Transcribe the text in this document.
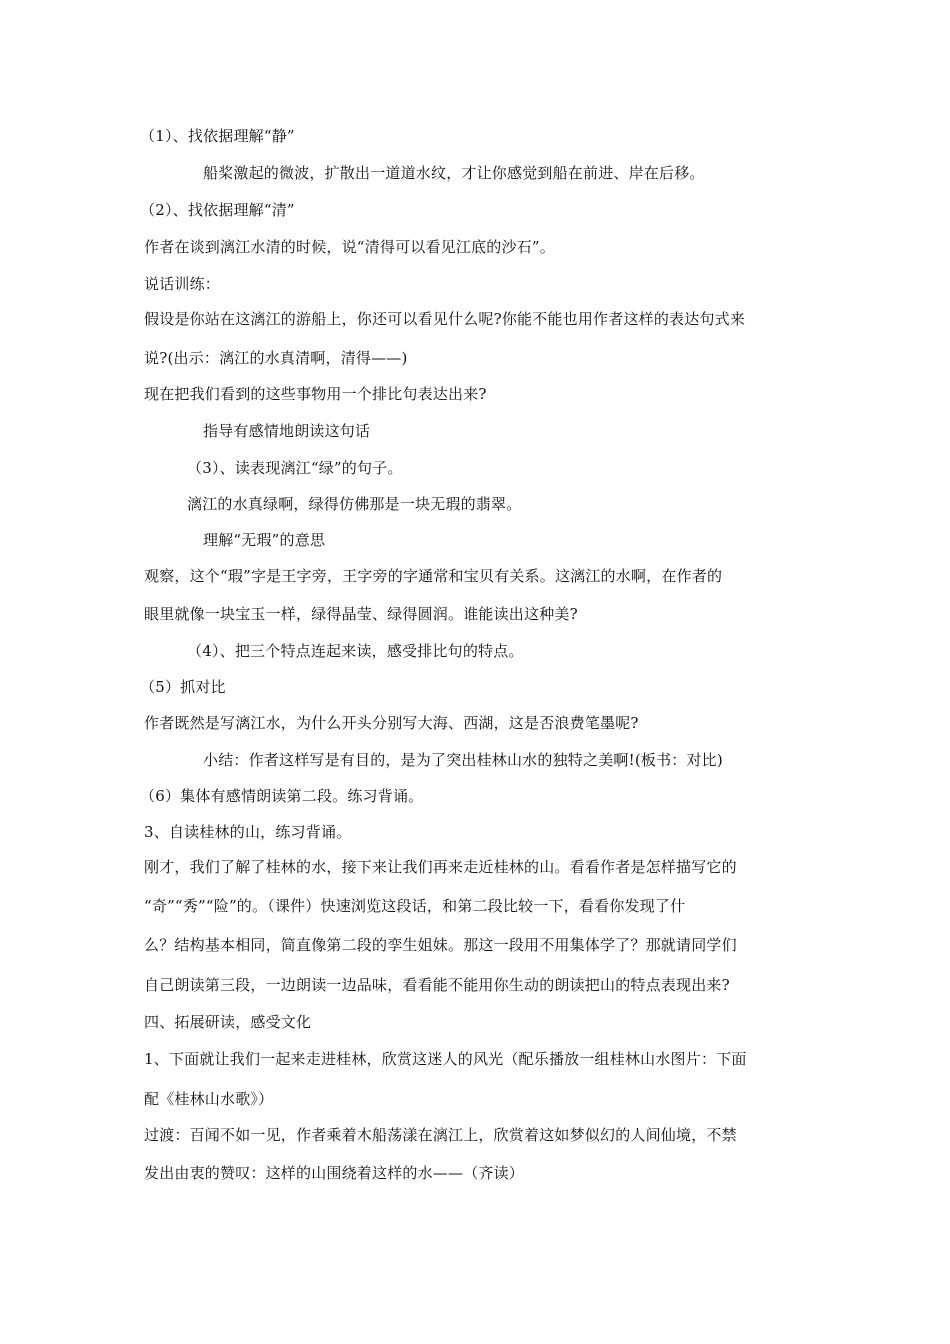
（1）、找依据理解“静”
船桨激起的微波，扩散出一道道水纹，才让你感觉到船在前进、岸在后移。
（2）、找依据理解“清”
作者在谈到漓江水清的时候，说“清得可以看见江底的沙石”。
说话训练：
假设是你站在这漓江的游船上，你还可以看见什么呢?你能不能也用作者这样的表达句式来
说?(出示：漓江的水真清啊，清得——)
现在把我们看到的这些事物用一个排比句表达出来?
指导有感情地朗读这句话
（3）、读表现漓江“绿”的句子。
漓江的水真绿啊，绿得仿佛那是一块无瑕的翡翠。
理解“无瑕”的意思
观察，这个“瑕”字是王字旁，王字旁的字通常和宝贝有关系。这漓江的水啊，在作者的
眼里就像一块宝玉一样，绿得晶莹、绿得圆润。谁能读出这种美?
（4）、把三个特点连起来读，感受排比句的特点。
（5）抓对比
作者既然是写漓江水，为什么开头分别写大海、西湖，这是否浪费笔墨呢?
小结：作者这样写是有目的，是为了突出桂林山水的独特之美啊!(板书：对比)
（6）集体有感情朗读第二段。练习背诵。
3、自读桂林的山，练习背诵。
刚才，我们了解了桂林的水，接下来让我们再来走近桂林的山。看看作者是怎样描写它的
“奇”“秀”“险”的。（课件）快速浏览这段话，和第二段比较一下，看看你发现了什
么？结构基本相同，简直像第二段的孪生姐妹。那这一段用不用集体学了？那就请同学们
自己朗读第三段，一边朗读一边品味，看看能不能用你生动的朗读把山的特点表现出来?
四、拓展研读，感受文化
1、下面就让我们一起来走进桂林，欣赏这迷人的风光（配乐播放一组桂林山水图片：下面
配《桂林山水歌》）
过渡：百闻不如一见，作者乘着木船荡漾在漓江上，欣赏着这如梦似幻的人间仙境，不禁
发出由衷的赞叹：这样的山围绕着这样的水——（齐读）
